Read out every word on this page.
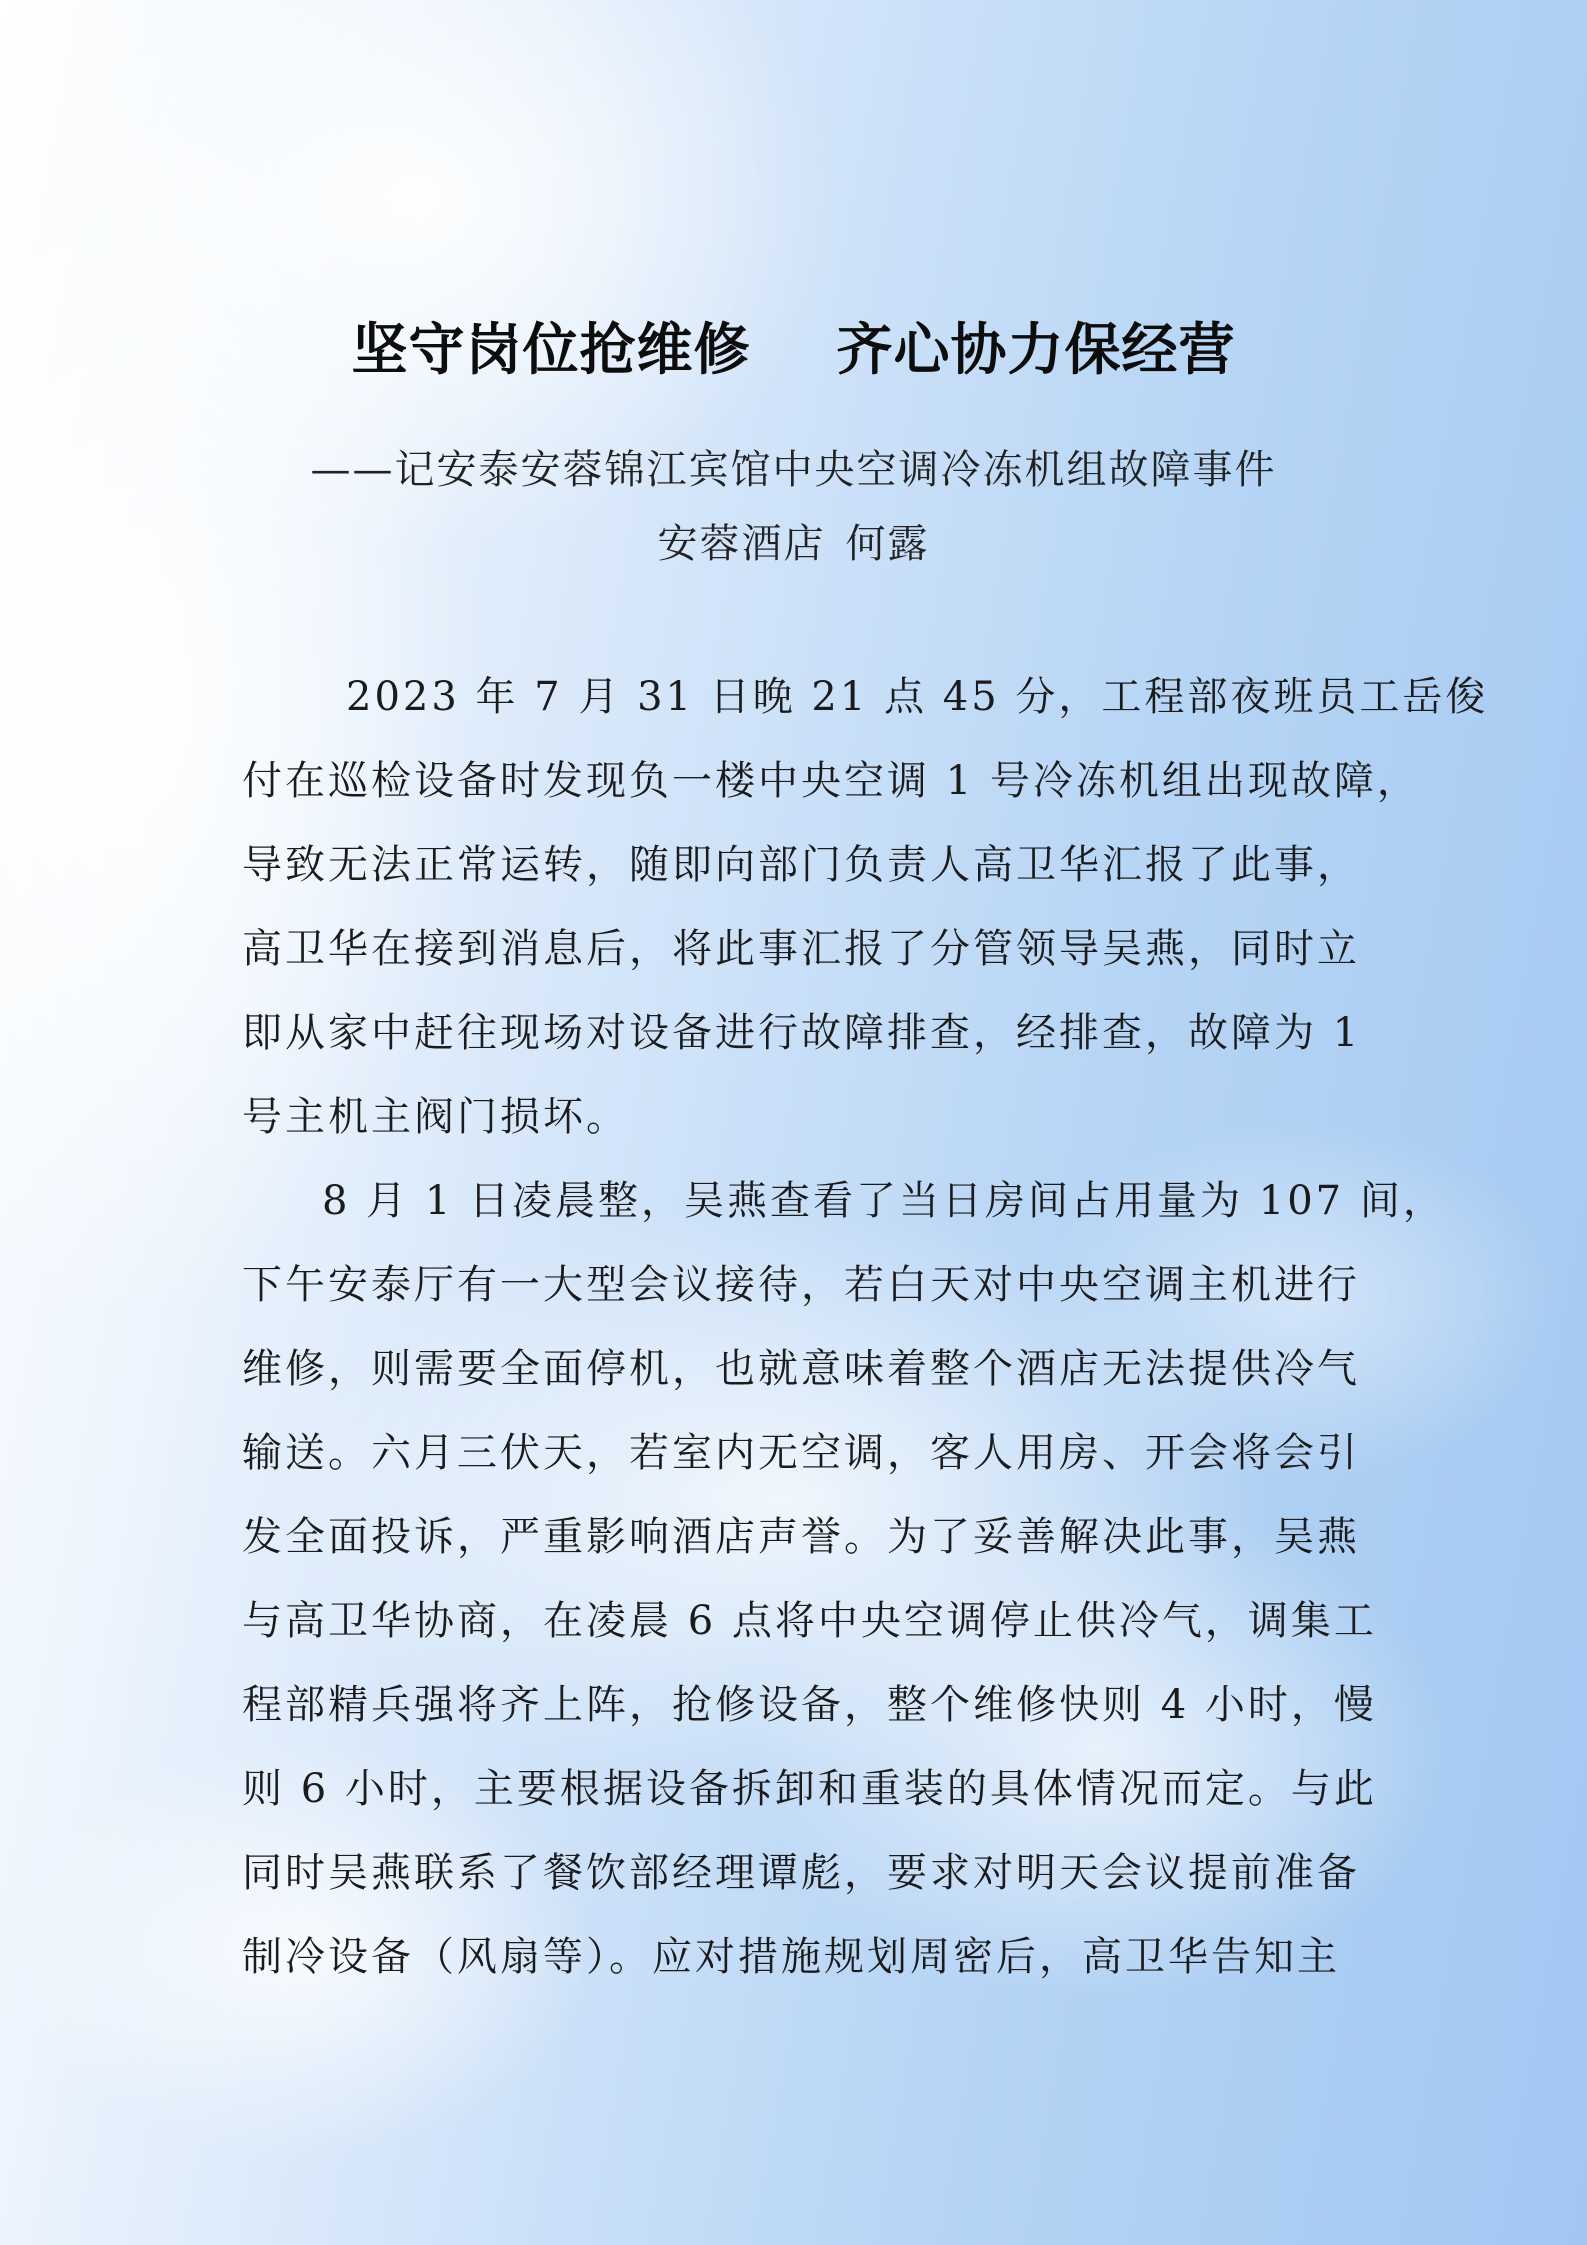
坚守岗位抢维修 齐心协力保经营
——记安泰安蓉锦江宾馆中央空调冷冻机组故障事件
安蓉酒店 何露
2023 年 7 月 31 日晚 21 点 45 分，工程部夜班员工岳俊
付在巡检设备时发现负一楼中央空调 1 号冷冻机组出现故障，
导致无法正常运转，随即向部门负责人高卫华汇报了此事，
高卫华在接到消息后，将此事汇报了分管领导吴燕，同时立
即从家中赶往现场对设备进行故障排查，经排查，故障为 1
号主机主阀门损坏。
8 月 1 日凌晨整，吴燕查看了当日房间占用量为 107 间，
下午安泰厅有一大型会议接待，若白天对中央空调主机进行
维修，则需要全面停机，也就意味着整个酒店无法提供冷气
输送。六月三伏天，若室内无空调，客人用房、开会将会引
发全面投诉，严重影响酒店声誉。为了妥善解决此事，吴燕
与高卫华协商，在凌晨 6 点将中央空调停止供冷气，调集工
程部精兵强将齐上阵，抢修设备，整个维修快则 4 小时，慢
则 6 小时，主要根据设备拆卸和重装的具体情况而定。与此
同时吴燕联系了餐饮部经理谭彪，要求对明天会议提前准备
制冷设备（风扇等）。应对措施规划周密后，高卫华告知主
